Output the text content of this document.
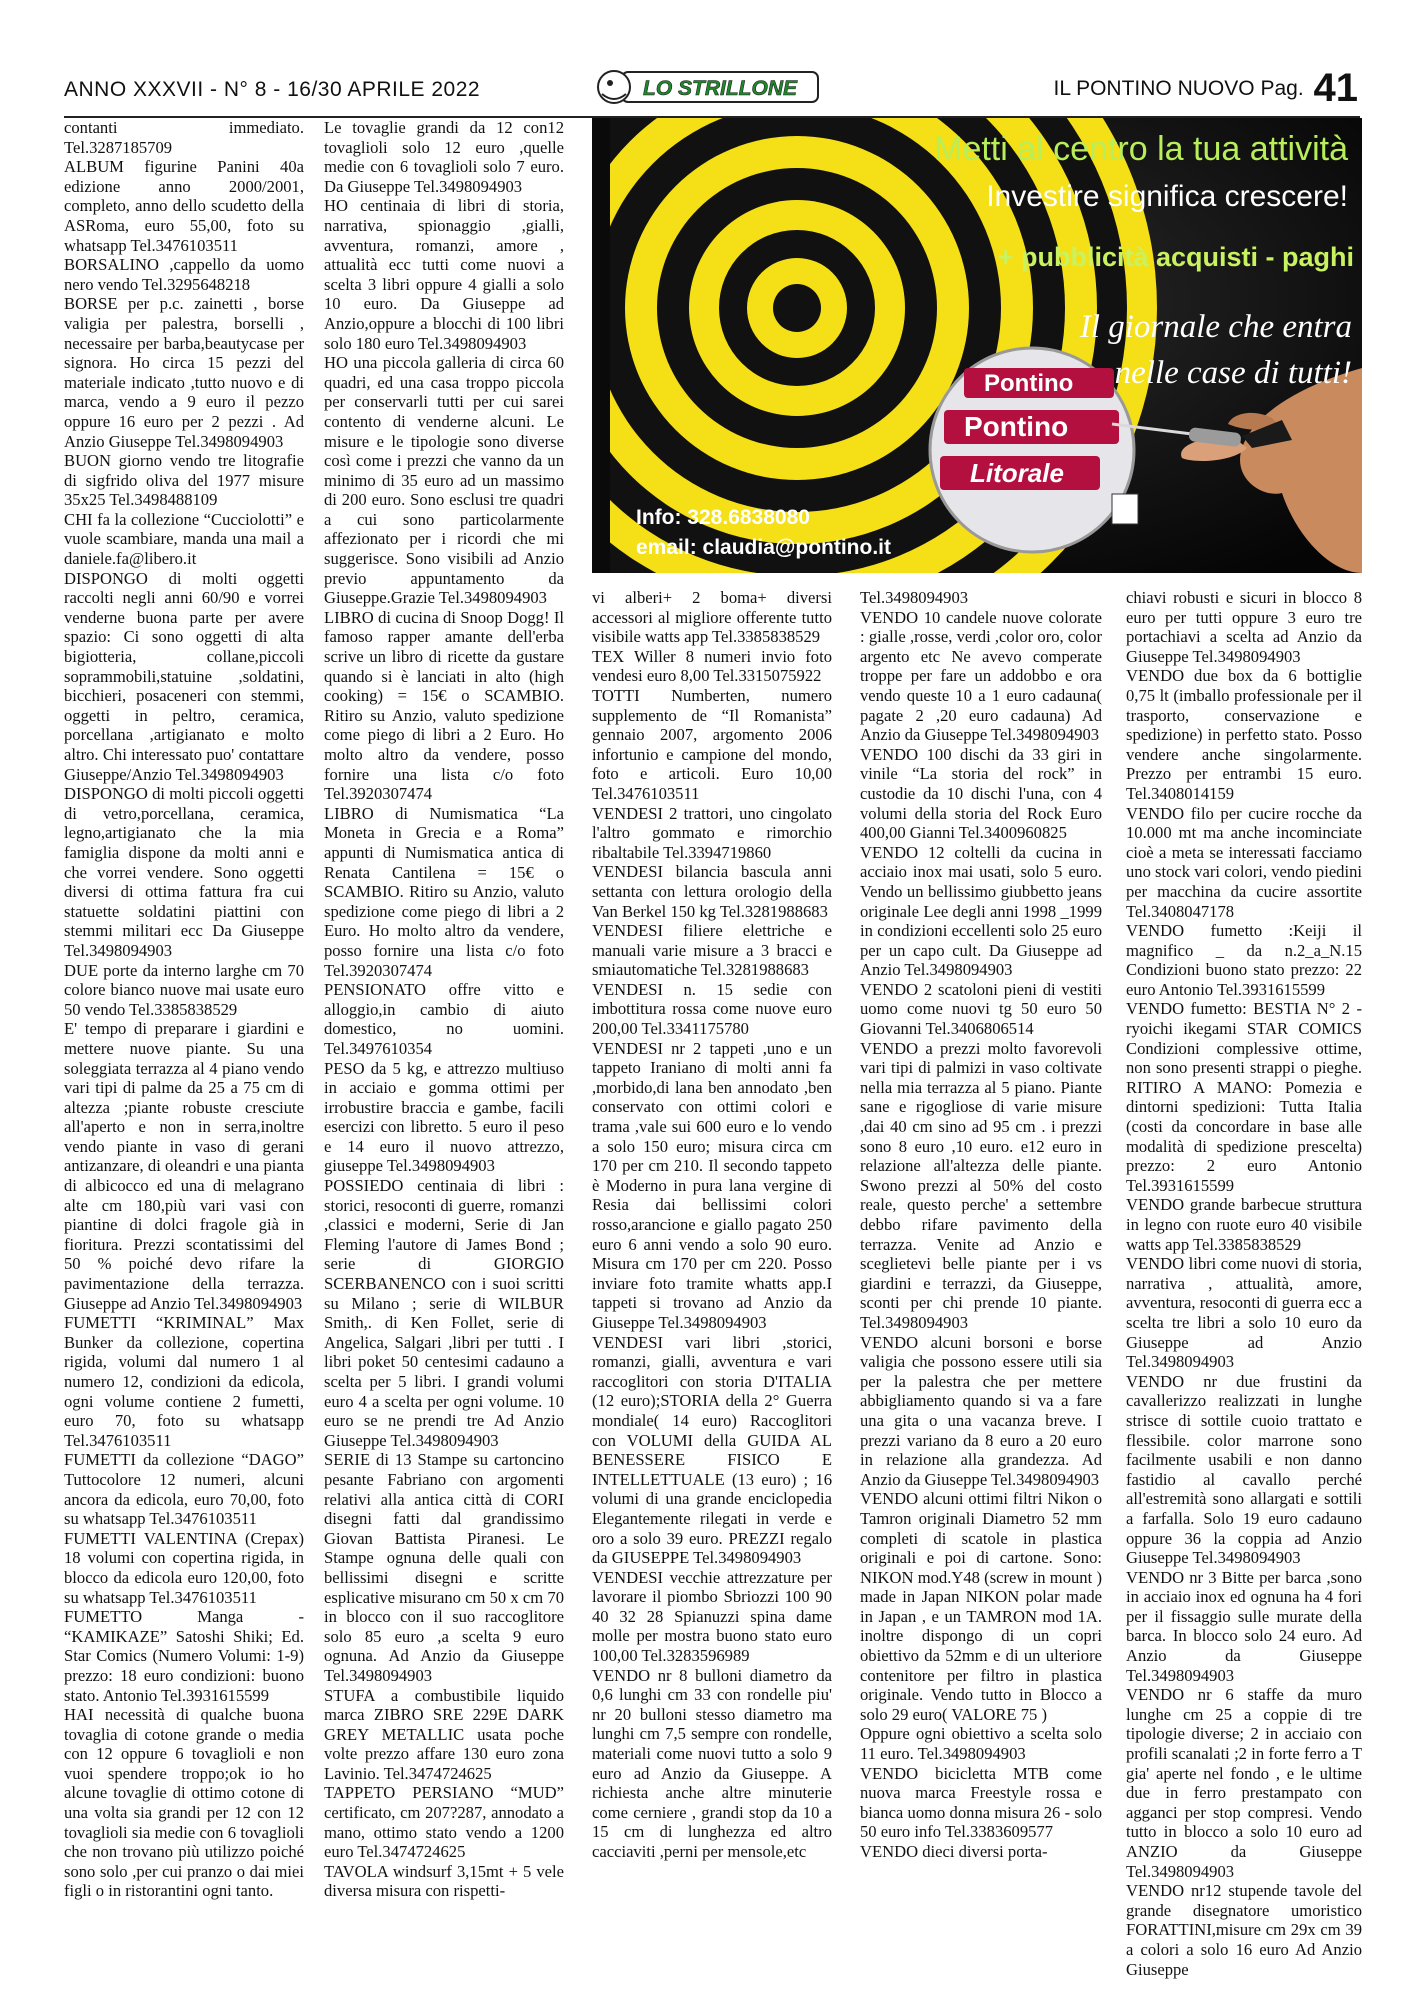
ANNO XXXVII - N° 8 - 16/30 APRILE 2022	LO STRILLONE	IL PONTINO NUOVO Pag. 41
Pontino
Pontino
Litorale
Metti al centro la tua attività
Investire significa crescere!
+ pubblicità acquisti - paghi
Il giornale che entra
nelle case di tutti!
Info: 328.6838080
email: claudia@pontino.it

contanti immediato. Tel.3287185709

ALBUM figurine Panini 40a edizione anno 2000/2001, completo, anno dello scudetto della ASRoma, euro 55,00, foto su whatsapp Tel.3476103511

BORSALINO ,cappello da uomo nero vendo Tel.3295648218

BORSE per p.c. zainetti , borse valigia per palestra, borselli , necessaire per barba,beautycase per signora. Ho circa 15 pezzi del materiale indicato ,tutto nuovo e di marca, vendo a 9 euro il pezzo oppure 16 euro per 2 pezzi . Ad Anzio Giuseppe Tel.3498094903

BUON giorno vendo tre litografie di sigfrido oliva del 1977 misure 35x25 Tel.3498488109

CHI fa la collezione “Cucciolotti” e vuole scambiare, manda una mail a daniele.fa@libero.it

DISPONGO di molti oggetti raccolti negli anni 60/90 e vorrei venderne buona parte per avere spazio: Ci sono oggetti di alta bigiotteria, collane,piccoli soprammobili,statuine ,soldatini, bicchieri, posaceneri con stemmi, oggetti in peltro, ceramica, porcellana ,artigianato e molto altro. Chi interessato puo' contattare Giuseppe/Anzio Tel.3498094903

DISPONGO di molti piccoli oggetti di vetro,porcellana, ceramica, legno,artigianato che la mia famiglia dispone da molti anni e che vorrei vendere. Sono oggetti diversi di ottima fattura fra cui statuette soldatini piattini con stemmi militari ecc Da Giuseppe Tel.3498094903

DUE porte da interno larghe cm 70 colore bianco nuove mai usate euro 50 vendo Tel.3385838529

E' tempo di preparare i giardini e mettere nuove piante. Su una soleggiata terrazza al 4 piano vendo vari tipi di palme da 25 a 75 cm di altezza ;piante robuste cresciute all'aperto e non in serra,inoltre vendo piante in vaso di gerani antizanzare, di oleandri e una pianta di albicocco ed una di melagrano alte cm 180,più vari vasi con piantine di dolci fragole già in fioritura. Prezzi scontatissimi del 50 % poiché devo rifare la pavimentazione della terrazza. Giuseppe ad Anzio Tel.3498094903

FUMETTI “KRIMINAL” Max Bunker da collezione, copertina rigida, volumi dal numero 1 al numero 12, condizioni da edicola, ogni volume contiene 2 fumetti, euro 70, foto su whatsapp Tel.3476103511

FUMETTI da collezione “DAGO” Tuttocolore 12 numeri, alcuni ancora da edicola, euro 70,00, foto su whatsapp Tel.3476103511

FUMETTI VALENTINA (Crepax) 18 volumi con copertina rigida, in blocco da edicola euro 120,00, foto su whatsapp Tel.3476103511

FUMETTO Manga - “KAMIKAZE” Satoshi Shiki; Ed. Star Comics (Numero Volumi: 1-9) prezzo: 18 euro condizioni: buono stato. Antonio Tel.3931615599

HAI necessità di qualche buona tovaglia di cotone grande o media con 12 oppure 6 tovaglioli e non vuoi spendere troppo;ok io ho alcune tovaglie di ottimo cotone di una volta sia grandi per 12 con 12 tovaglioli sia medie con 6 tovaglioli che non trovano più utilizzo poiché sono solo ,per cui pranzo o dai miei figli o in ristorantini ogni tanto.

Le tovaglie grandi da 12 con12 tovaglioli solo 12 euro ,quelle medie con 6 tovaglioli solo 7 euro. Da Giuseppe Tel.3498094903

HO centinaia di libri di storia, narrativa, spionaggio ,gialli, avventura, romanzi, amore , attualità ecc tutti come nuovi a scelta 3 libri oppure 4 gialli a solo 10 euro. Da Giuseppe ad Anzio,oppure a blocchi di 100 libri solo 180 euro Tel.3498094903

HO una piccola galleria di circa 60 quadri, ed una casa troppo piccola per conservarli tutti per cui sarei contento di venderne alcuni. Le misure e le tipologie sono diverse così come i prezzi che vanno da un minimo di 35 euro ad un massimo di 200 euro. Sono esclusi tre quadri a cui sono particolarmente affezionato per i ricordi che mi suggerisce. Sono visibili ad Anzio previo appuntamento da Giuseppe.Grazie Tel.3498094903

LIBRO di cucina di Snoop Dogg! Il famoso rapper amante dell'erba scrive un libro di ricette da gustare quando si è lanciati in alto (high cooking) = 15€ o SCAMBIO. Ritiro su Anzio, valuto spedizione come piego di libri a 2 Euro. Ho molto altro da vendere, posso fornire una lista c/o foto Tel.3920307474

LIBRO di Numismatica “La Moneta in Grecia e a Roma” appunti di Numismatica antica di Renata Cantilena = 15€ o SCAMBIO. Ritiro su Anzio, valuto spedizione come piego di libri a 2 Euro. Ho molto altro da vendere, posso fornire una lista c/o foto Tel.3920307474

PENSIONATO offre vitto e alloggio,in cambio di aiuto domestico, no uomini. Tel.3497610354

PESO da 5 kg, e attrezzo multiuso in acciaio e gomma ottimi per irrobustire braccia e gambe, facili esercizi con libretto. 5 euro il peso e 14 euro il nuovo attrezzo, giuseppe Tel.3498094903

POSSIEDO centinaia di libri : storici, resoconti di guerre, romanzi ,classici e moderni, Serie di Jan Fleming l'autore di James Bond ; serie di GIORGIO SCERBANENCO con i suoi scritti su Milano ; serie di WILBUR Smith,. di Ken Follet, serie di Angelica, Salgari ,libri per tutti . I libri poket 50 centesimi cadauno a scelta per 5 libri. I grandi volumi euro 4 a scelta per ogni volume. 10 euro se ne prendi tre Ad Anzio Giuseppe Tel.3498094903

SERIE di 13 Stampe su cartoncino pesante Fabriano con argomenti relativi alla antica città di CORI disegni fatti dal grandissimo Giovan Battista Piranesi. Le Stampe ognuna delle quali con bellissimi disegni e scritte esplicative misurano cm 50 x cm 70 in blocco con il suo raccoglitore solo 85 euro ,a scelta 9 euro ognuna. Ad Anzio da Giuseppe Tel.3498094903

STUFA a combustibile liquido marca ZIBRO SRE 229E DARK GREY METALLIC usata poche volte prezzo affare 130 euro zona Lavinio. Tel.3474724625

TAPPETO PERSIANO “MUD” certificato, cm 207?287, annodato a mano, ottimo stato vendo a 1200 euro Tel.3474724625

TAVOLA windsurf 3,15mt + 5 vele diversa misura con rispetti-

vi alberi+ 2 boma+ diversi accessori al migliore offerente tutto visibile watts app Tel.3385838529

TEX Willer 8 numeri invio foto vendesi euro 8,00 Tel.3315075922

TOTTI Numberten, numero supplemento de “Il Romanista” gennaio 2007, argomento 2006 infortunio e campione del mondo, foto e articoli. Euro 10,00 Tel.3476103511

VENDESI 2 trattori, uno cingolato l'altro gommato e rimorchio ribaltabile Tel.3394719860

VENDESI bilancia bascula anni settanta con lettura orologio della Van Berkel 150 kg Tel.3281988683

VENDESI filiere elettriche e manuali varie misure a 3 bracci e smiautomatiche Tel.3281988683

VENDESI n. 15 sedie con imbottitura rossa come nuove euro 200,00 Tel.3341175780

VENDESI nr 2 tappeti ,uno e un tappeto Iraniano di molti anni fa ,morbido,di lana ben annodato ,ben conservato con ottimi colori e trama ,vale sui 600 euro e lo vendo a solo 150 euro; misura circa cm 170 per cm 210. Il secondo tappeto è Moderno in pura lana vergine di Resia dai bellissimi colori rosso,arancione e giallo pagato 250 euro 6 anni vendo a solo 90 euro. Misura cm 170 per cm 220. Posso inviare foto tramite whatts app.I tappeti si trovano ad Anzio da Giuseppe Tel.3498094903

VENDESI vari libri ,storici, romanzi, gialli, avventura e vari raccoglitori con storia D'ITALIA (12 euro);STORIA della 2° Guerra mondiale( 14 euro) Raccoglitori con VOLUMI della GUIDA AL BENESSERE FISICO E INTELLETTUALE (13 euro) ; 16 volumi di una grande enciclopedia Elegantemente rilegati in verde e oro a solo 39 euro. PREZZI regalo da GIUSEPPE Tel.3498094903

VENDESI vecchie attrezzature per lavorare il piombo Sbriozzi 100 90 40 32 28 Spianuzzi spina dame molle per mostra buono stato euro 100,00 Tel.3283596989

VENDO nr 8 bulloni diametro da 0,6 lunghi cm 33 con rondelle piu' nr 20 bulloni stesso diametro ma lunghi cm 7,5 sempre con rondelle, materiali come nuovi tutto a solo 9 euro ad Anzio da Giuseppe. A richiesta anche altre minuterie come cerniere , grandi stop da 10 a 15 cm di lunghezza ed altro cacciaviti ,perni per mensole,etc

Tel.3498094903

VENDO 10 candele nuove colorate : gialle ,rosse, verdi ,color oro, color argento etc Ne avevo comperate troppe per fare un addobbo e ora vendo queste 10 a 1 euro cadauna( pagate 2 ,20 euro cadauna) Ad Anzio da Giuseppe Tel.3498094903

VENDO 100 dischi da 33 giri in vinile “La storia del rock” in custodie da 10 dischi l'una, con 4 volumi della storia del Rock Euro 400,00 Gianni Tel.3400960825

VENDO 12 coltelli da cucina in acciaio inox mai usati, solo 5 euro. Vendo un bellissimo giubbetto jeans originale Lee degli anni 1998 _1999 in condizioni eccellenti solo 25 euro per un capo cult. Da Giuseppe ad Anzio Tel.3498094903

VENDO 2 scatoloni pieni di vestiti uomo come nuovi tg 50 euro 50 Giovanni Tel.3406806514

VENDO a prezzi molto favorevoli vari tipi di palmizi in vaso coltivate nella mia terrazza al 5 piano. Piante sane e rigogliose di varie misure ,dai 40 cm sino ad 95 cm . i prezzi sono 8 euro ,10 euro. e12 euro in relazione all'altezza delle piante. Swono prezzi al 50% del costo reale, questo perche' a settembre debbo rifare pavimento della terrazza. Venite ad Anzio e sceglietevi belle piante per i vs giardini e terrazzi, da Giuseppe, sconti per chi prende 10 piante. Tel.3498094903

VENDO alcuni borsoni e borse valigia che possono essere utili sia per la palestra che per mettere abbigliamento quando si va a fare una gita o una vacanza breve. I prezzi variano da 8 euro a 20 euro in relazione alla grandezza. Ad Anzio da Giuseppe Tel.3498094903

VENDO alcuni ottimi filtri Nikon o Tamron originali Diametro 52 mm completi di scatole in plastica originali e poi di cartone. Sono: NIKON mod.Y48 (screw in mount ) made in Japan NIKON polar made in Japan , e un TAMRON mod 1A. inoltre dispongo di un copri obiettivo da 52mm e di un ulteriore contenitore per filtro in plastica originale. Vendo tutto in Blocco a solo 29 euro( VALORE 75 )

Oppure ogni obiettivo a scelta solo 11 euro. Tel.3498094903

VENDO bicicletta MTB come nuova marca Freestyle rossa e bianca uomo donna misura 26 - solo 50 euro info Tel.3383609577

VENDO dieci diversi porta-

chiavi robusti e sicuri in blocco 8 euro per tutti oppure 3 euro tre portachiavi a scelta ad Anzio da Giuseppe Tel.3498094903

VENDO due box da 6 bottiglie 0,75 lt (imballo professionale per il trasporto, conservazione e spedizione) in perfetto stato. Posso vendere anche singolarmente. Prezzo per entrambi 15 euro. Tel.3408014159

VENDO filo per cucire rocche da 10.000 mt ma anche incominciate cioè a meta se interessati facciamo uno stock vari colori, vendo piedini per macchina da cucire assortite Tel.3408047178

VENDO fumetto :Keiji il magnifico _ da n.2_a_N.15 Condizioni buono stato prezzo: 22 euro Antonio Tel.3931615599

VENDO fumetto: BESTIA N° 2 - ryoichi ikegami STAR COMICS Condizioni complessive ottime, non sono presenti strappi o pieghe. RITIRO A MANO: Pomezia e dintorni spedizioni: Tutta Italia (costi da concordare in base alle modalità di spedizione prescelta) prezzo: 2 euro Antonio Tel.3931615599

VENDO grande barbecue struttura in legno con ruote euro 40 visibile watts app Tel.3385838529

VENDO libri come nuovi di storia, narrativa , attualità, amore, avventura, resoconti di guerra ecc a scelta tre libri a solo 10 euro da Giuseppe ad Anzio Tel.3498094903

VENDO nr due frustini da cavallerizzo realizzati in lunghe strisce di sottile cuoio trattato e flessibile. color marrone sono facilmente usabili e non danno fastidio al cavallo perché all'estremità sono allargati e sottili a farfalla. Solo 19 euro cadauno oppure 36 la coppia ad Anzio Giuseppe Tel.3498094903

VENDO nr 3 Bitte per barca ,sono in acciaio inox ed ognuna ha 4 fori per il fissaggio sulle murate della barca. In blocco solo 24 euro. Ad Anzio da Giuseppe Tel.3498094903

VENDO nr 6 staffe da muro lunghe cm 25 a coppie di tre tipologie diverse; 2 in acciaio con profili scanalati ;2 in forte ferro a T gia' aperte nel fondo , e le ultime due in ferro prestampato con agganci per stop compresi. Vendo tutto in blocco a solo 10 euro ad ANZIO da Giuseppe Tel.3498094903

VENDO nr12 stupende tavole del grande disegnatore umoristico FORATTINI,misure cm 29x cm 39 a colori a solo 16 euro Ad Anzio Giuseppe
